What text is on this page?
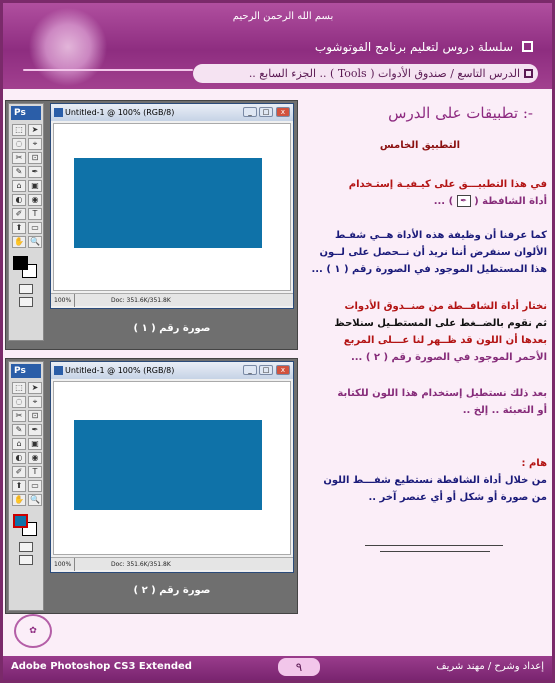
بسم الله الرحمن الرحيم
سلسلة دروس لتعليم برنامج الفوتوشوب
الدرس التاسع / صندوق الأدوات ( Tools ) .. الجزء السابع ..
Ps
⬚	➤
◌	⌖
✂	⊡
✎	✒
⌂	▣
◐	◉
✐	T
⬆	▭
✋ 🔍
Untitled-1 @ 100% (RGB/8)	_	□	x
100%	Doc: 351.6K/351.8K
صورة رقم ( ١ )
Ps
⬚	➤
◌	⌖
✂	⊡
✎	✒
⌂	▣
◐	◉
✐	T
⬆	▭
✋ 🔍
Untitled-1 @ 100% (RGB/8)	_	□	x
100%	Doc: 351.6K/351.8K
صورة رقم ( ٢ )
تطبيقات على الدرس :-
التطبيق الخامس
في هذا التطبيـــق على كيـفيـة إستـخدام
أداة الشافطة ( ✒ ) ...
كما عرفنا أن وظيفة هذه الأداة هــي شفـط
الألوان سنفرض أننا نريد أن نــحصل على لــون
هذا المستطيل الموجود في الصورة رقم ( ١ ) ...
نختار أداة الشافــطة من صنــدوق الأدوات
ثم نقوم بالضــغط على المستطـيل سنلاحظ
بعدها أن اللون قد ظــهر لنا عـــلى المربع
الأحمر الموجود في الصورة رقم ( ٢ ) ...
بعد ذلك نستطيل إستخدام هذا اللون للكتابة
أو التعبئة .. إلخ ..
هام :
من خلال أداة الشافطة نستطيع شفـــط اللون
من صورة أو شكل أو أي عنصر آخر ..
✿
Adobe Photoshop CS3 Extended	٩	إعداد وشرح / مهند شريف
